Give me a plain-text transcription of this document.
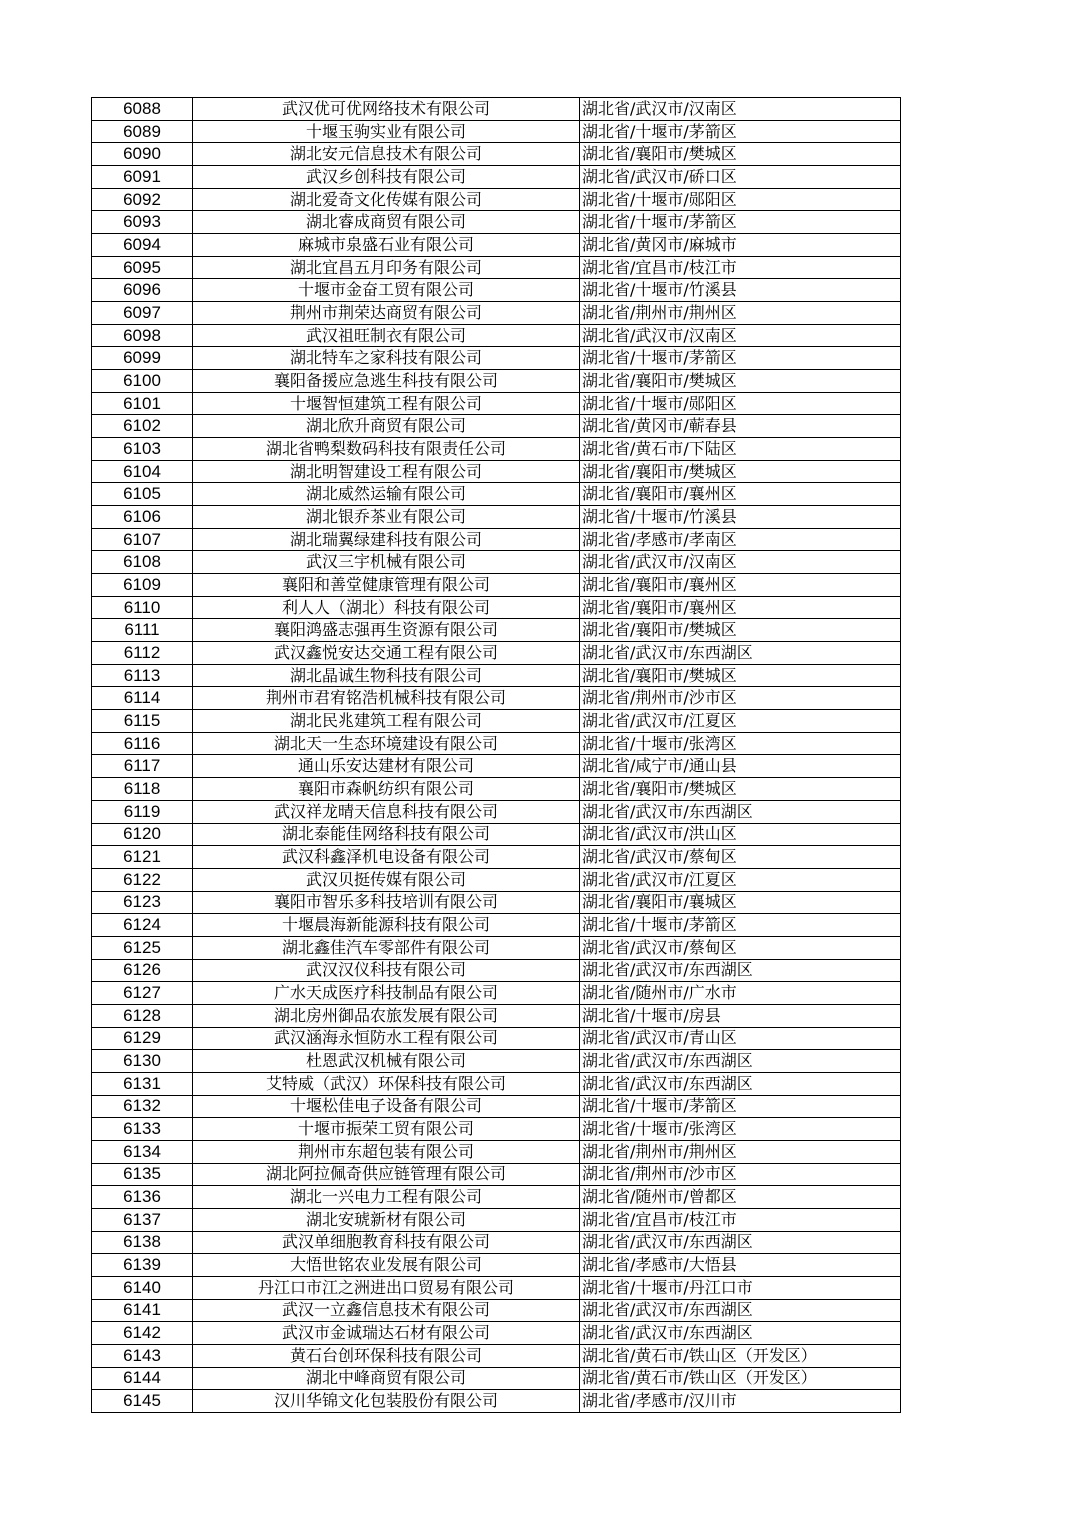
6088	武汉优可优网络技术有限公司	湖北省/武汉市/汉南区
6089	十堰玉驹实业有限公司	湖北省/十堰市/茅箭区
6090	湖北安元信息技术有限公司	湖北省/襄阳市/樊城区
6091	武汉乡创科技有限公司	湖北省/武汉市/硚口区
6092	湖北爱奇文化传媒有限公司	湖北省/十堰市/郧阳区
6093	湖北睿成商贸有限公司	湖北省/十堰市/茅箭区
6094	麻城市泉盛石业有限公司	湖北省/黄冈市/麻城市
6095	湖北宜昌五月印务有限公司	湖北省/宜昌市/枝江市
6096	十堰市金奋工贸有限公司	湖北省/十堰市/竹溪县
6097	荆州市荆荣达商贸有限公司	湖北省/荆州市/荆州区
6098	武汉祖旺制衣有限公司	湖北省/武汉市/汉南区
6099	湖北特车之家科技有限公司	湖北省/十堰市/茅箭区
6100	襄阳备援应急逃生科技有限公司	湖北省/襄阳市/樊城区
6101	十堰智恒建筑工程有限公司	湖北省/十堰市/郧阳区
6102	湖北欣升商贸有限公司	湖北省/黄冈市/蕲春县
6103	湖北省鸭梨数码科技有限责任公司	湖北省/黄石市/下陆区
6104	湖北明智建设工程有限公司	湖北省/襄阳市/樊城区
6105	湖北威然运输有限公司	湖北省/襄阳市/襄州区
6106	湖北银乔茶业有限公司	湖北省/十堰市/竹溪县
6107	湖北瑞翼绿建科技有限公司	湖北省/孝感市/孝南区
6108	武汉三宇机械有限公司	湖北省/武汉市/汉南区
6109	襄阳和善堂健康管理有限公司	湖北省/襄阳市/襄州区
6110	利人人（湖北）科技有限公司	湖北省/襄阳市/襄州区
6111	襄阳鸿盛志强再生资源有限公司	湖北省/襄阳市/樊城区
6112	武汉鑫悦安达交通工程有限公司	湖北省/武汉市/东西湖区
6113	湖北晶诚生物科技有限公司	湖北省/襄阳市/樊城区
6114	荆州市君宥铭浩机械科技有限公司	湖北省/荆州市/沙市区
6115	湖北民兆建筑工程有限公司	湖北省/武汉市/江夏区
6116	湖北天一生态环境建设有限公司	湖北省/十堰市/张湾区
6117	通山乐安达建材有限公司	湖北省/咸宁市/通山县
6118	襄阳市森帆纺织有限公司	湖北省/襄阳市/樊城区
6119	武汉祥龙晴天信息科技有限公司	湖北省/武汉市/东西湖区
6120	湖北泰能佳网络科技有限公司	湖北省/武汉市/洪山区
6121	武汉科鑫泽机电设备有限公司	湖北省/武汉市/蔡甸区
6122	武汉贝挺传媒有限公司	湖北省/武汉市/江夏区
6123	襄阳市智乐多科技培训有限公司	湖北省/襄阳市/襄城区
6124	十堰晨海新能源科技有限公司	湖北省/十堰市/茅箭区
6125	湖北鑫佳汽车零部件有限公司	湖北省/武汉市/蔡甸区
6126	武汉汉仪科技有限公司	湖北省/武汉市/东西湖区
6127	广水天成医疗科技制品有限公司	湖北省/随州市/广水市
6128	湖北房州御品农旅发展有限公司	湖北省/十堰市/房县
6129	武汉涵海永恒防水工程有限公司	湖北省/武汉市/青山区
6130	杜恩武汉机械有限公司	湖北省/武汉市/东西湖区
6131	艾特威（武汉）环保科技有限公司	湖北省/武汉市/东西湖区
6132	十堰松佳电子设备有限公司	湖北省/十堰市/茅箭区
6133	十堰市振荣工贸有限公司	湖北省/十堰市/张湾区
6134	荆州市东超包装有限公司	湖北省/荆州市/荆州区
6135	湖北阿拉佩奇供应链管理有限公司	湖北省/荆州市/沙市区
6136	湖北一兴电力工程有限公司	湖北省/随州市/曾都区
6137	湖北安琥新材有限公司	湖北省/宜昌市/枝江市
6138	武汉单细胞教育科技有限公司	湖北省/武汉市/东西湖区
6139	大悟世铭农业发展有限公司	湖北省/孝感市/大悟县
6140	丹江口市江之洲进出口贸易有限公司	湖北省/十堰市/丹江口市
6141	武汉一立鑫信息技术有限公司	湖北省/武汉市/东西湖区
6142	武汉市金诚瑞达石材有限公司	湖北省/武汉市/东西湖区
6143	黄石台创环保科技有限公司	湖北省/黄石市/铁山区（开发区）
6144	湖北中峰商贸有限公司	湖北省/黄石市/铁山区（开发区）
6145	汉川华锦文化包装股份有限公司	湖北省/孝感市/汉川市
